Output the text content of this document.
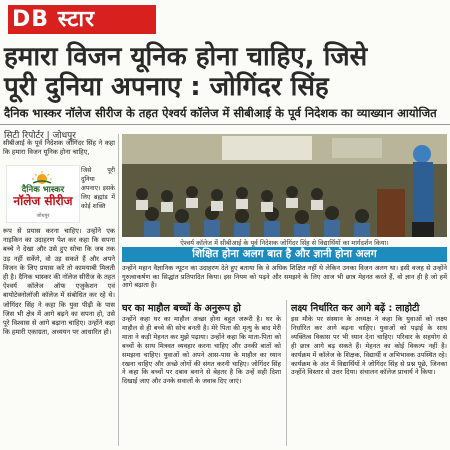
DB स्टार
हमारा विजन यूनिक होना चाहिए, जिसे
पूरी दुनिया अपनाए : जोगिंदर सिंह
दैनिक भास्कर नॉलेज सीरीज के तहत ऐश्वर्य कॉलेज में सीबीआई के पूर्व निदेशक का व्याख्यान आयोजित
सिटी रिपोर्टर | जोधपुर

सीबीआई के पूर्व निदेशक जोगिंदर सिंह ने कहा कि हमारा विजन यूनिक होना चाहिए,

दैनिक भास्कर
नॉलेज सीरीज
जोधपुर

जिसे पूरी दुनिया अपनाए। इसके लिए ब्रह्मांड में कोई शक्ति

रूप से प्रयास करना चाहिए। उन्होंने एक नाइकिन का उदाहरण पेश कर कहा कि सपना बच्चे ने देखा और उसे हुए सोचा कि जब तक उड़ नहीं सकेंगे, वो उड़ सकते हैं और अपने विजन के लिए प्रयास करें तो कामयाबी मिलती ही है। दैनिक भास्कर की नॉलेज सीरीज के तहत ऐश्वर्य कॉलेज ऑफ एजुकेशन एवं बायोटेक्नोलॉजी कॉलेज में संबोधित कर रहे थे। जोगिंदर सिंह ने कहा कि युवा पीढ़ी के पास जिस भी क्षेत्र में आगे बढ़ने का सपना हो, उसे पूरे विश्वास से आगे बढ़ाना चाहिए। उन्होंने कहा कि हमारी एकाग्रता, अध्ययन पर आधारित हो।

ऐश्वर्य कॉलेज में सीबीआई के पूर्व निदेशक जोगिंदर सिंह से विद्यार्थियों का मार्गदर्शन किया।
शिक्षित होना अलग बात है और ज्ञानी होना अलग
उन्होंने महान वैज्ञानिक न्यूटन का उदाहरण देते हुए बताया कि वे अधिक शिक्षित नहीं थे लेकिन उनका विजन अलग था। इसी वजह से उन्होंने गुरुत्वाकर्षण का सिद्धांत प्रतिपादित किया। इस नियम को पढ़ने और समझने के लिए आज भी छात्र मेहनत करते हैं, वो ज्ञान ही है जो हमें आगे बढ़ाता है।
घर का माहौल बच्चों के अनुरूप हो	लक्ष्य निर्धारित कर आगे बढ़ें : लाहोटी
उन्होंने कहा घर का माहौल अच्छा होना बहुत जरूरी है। घर के माहौल से ही बच्चे की सोच बनती है। मेरे पिता की मृत्यु के बाद मेरी माता ने कड़ी मेहनत कर मुझे पढ़ाया। उन्होंने कहा कि माता-पिता को बच्चों के साथ मित्रवत व्यवहार करना चाहिए और उनकी बातों को समझना चाहिए। युवाओं को अपने आस-पास के माहौल का ध्यान रखना चाहिए और अच्छे लोगों की संगत करनी चाहिए। जोगिंदर सिंह ने कहा कि बच्चों पर दबाव बनाने से बेहतर है कि उन्हें सही दिशा दिखाई जाए और उनके सवालों के जवाब दिए जाएं।
इस मौके पर संस्थान के अध्यक्ष ने कहा कि युवाओं को लक्ष्य निर्धारित कर आगे बढ़ना चाहिए। युवाओं को पढ़ाई के साथ व्यक्तित्व विकास पर भी ध्यान देना चाहिए। परिवार के सहयोग से ही छात्र आगे बढ़ सकते हैं। मेहनत का कोई विकल्प नहीं है। कार्यक्रम में कॉलेज के शिक्षक, विद्यार्थी व अभिभावक उपस्थित रहे। कार्यक्रम के अंत में विद्यार्थियों ने जोगिंदर सिंह से प्रश्न पूछे, जिनका उन्होंने विस्तार से उत्तर दिया। संचालन कॉलेज प्राचार्य ने किया।
